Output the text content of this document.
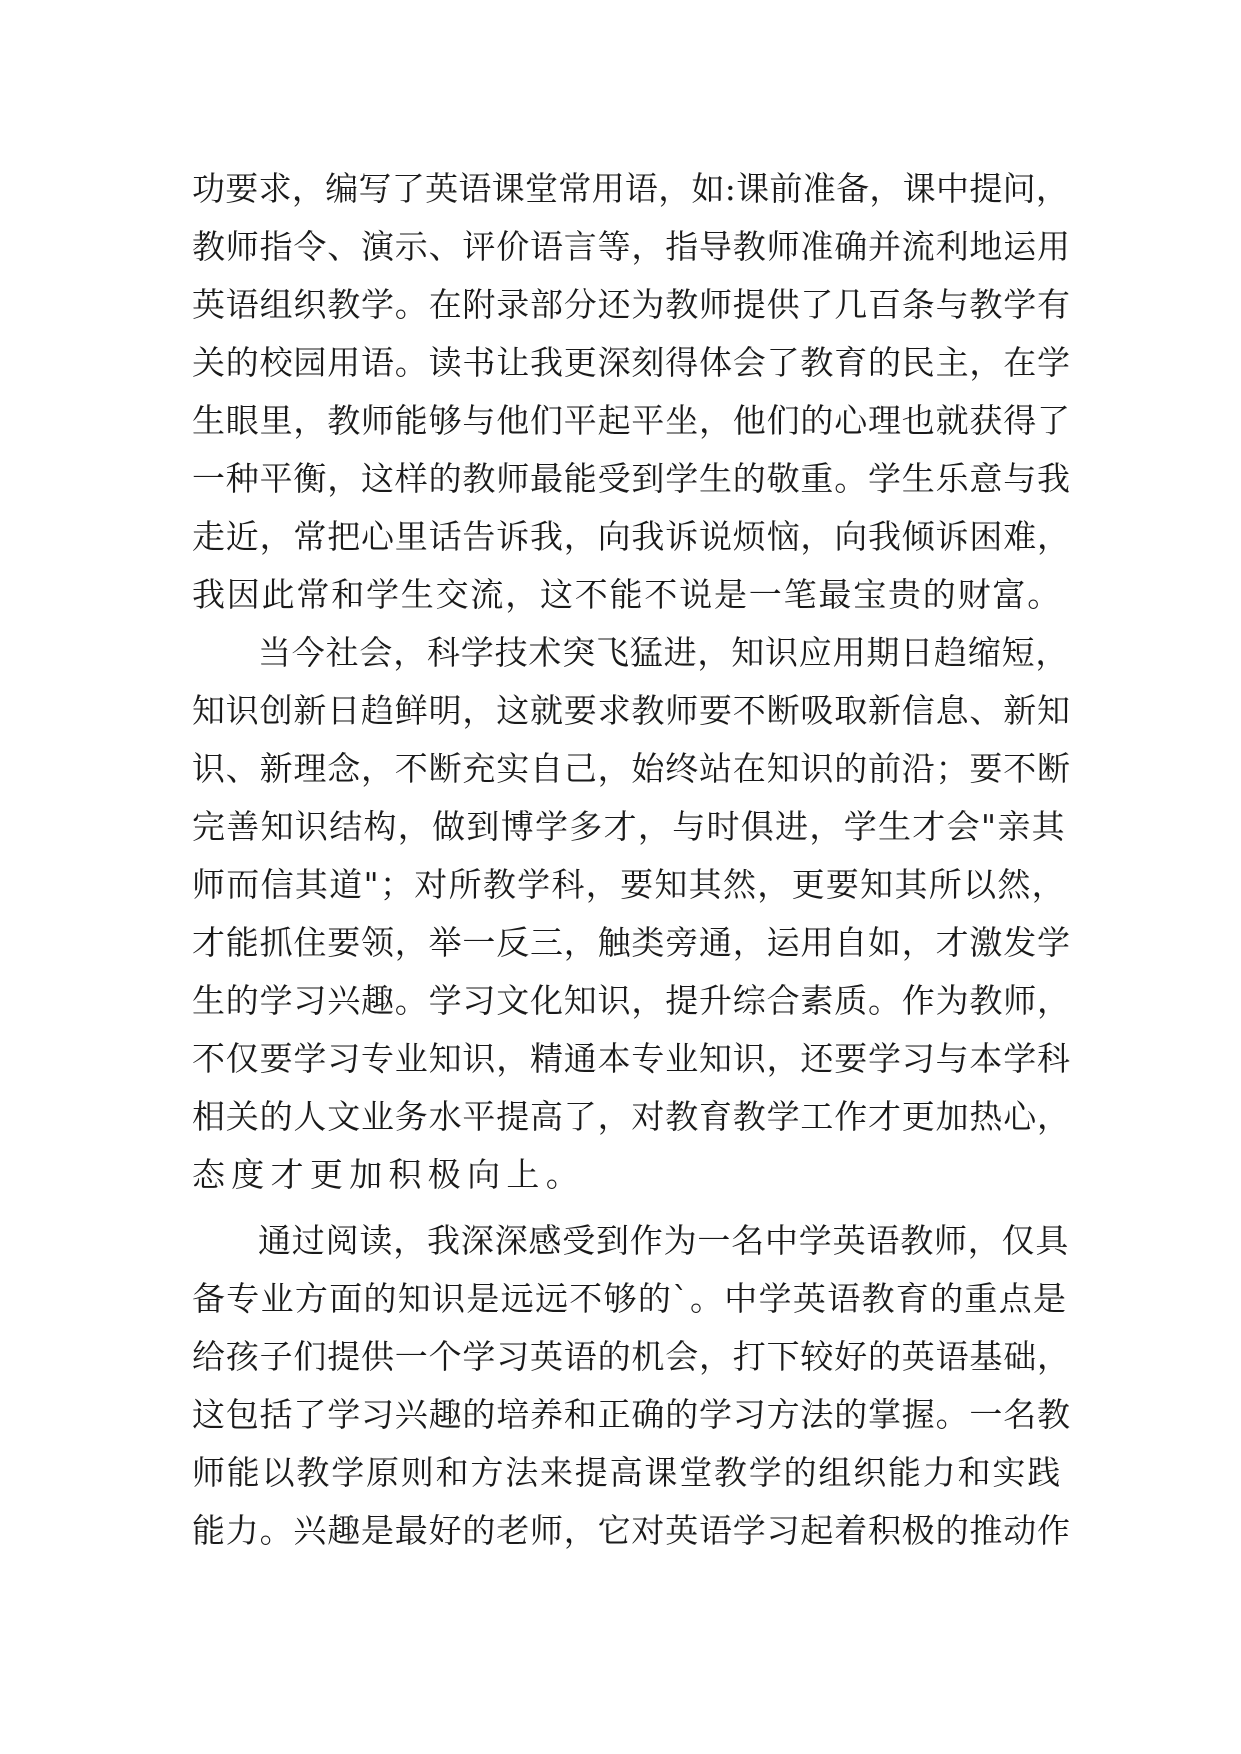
功要求，编写了英语课堂常用语，如:课前准备，课中提问，
教师指令、演示、评价语言等，指导教师准确并流利地运用
英语组织教学。在附录部分还为教师提供了几百条与教学有
关的校园用语。读书让我更深刻得体会了教育的民主，在学
生眼里，教师能够与他们平起平坐，他们的心理也就获得了
一种平衡，这样的教师最能受到学生的敬重。学生乐意与我
走近，常把心里话告诉我，向我诉说烦恼，向我倾诉困难，
我因此常和学生交流，这不能不说是一笔最宝贵的财富。
当今社会，科学技术突飞猛进，知识应用期日趋缩短，
知识创新日趋鲜明，这就要求教师要不断吸取新信息、新知
识、新理念，不断充实自己，始终站在知识的前沿；要不断
完善知识结构，做到博学多才，与时俱进，学生才会"亲其
师而信其道"；对所教学科，要知其然，更要知其所以然，
才能抓住要领，举一反三，触类旁通，运用自如，才激发学
生的学习兴趣。学习文化知识，提升综合素质。作为教师，
不仅要学习专业知识，精通本专业知识，还要学习与本学科
相关的人文业务水平提高了，对教育教学工作才更加热心，
态度才更加积极向上。
通过阅读，我深深感受到作为一名中学英语教师，仅具
备专业方面的知识是远远不够的`。中学英语教育的重点是
给孩子们提供一个学习英语的机会，打下较好的英语基础，
这包括了学习兴趣的培养和正确的学习方法的掌握。一名教
师能以教学原则和方法来提高课堂教学的组织能力和实践
能力。兴趣是最好的老师，它对英语学习起着积极的推动作
